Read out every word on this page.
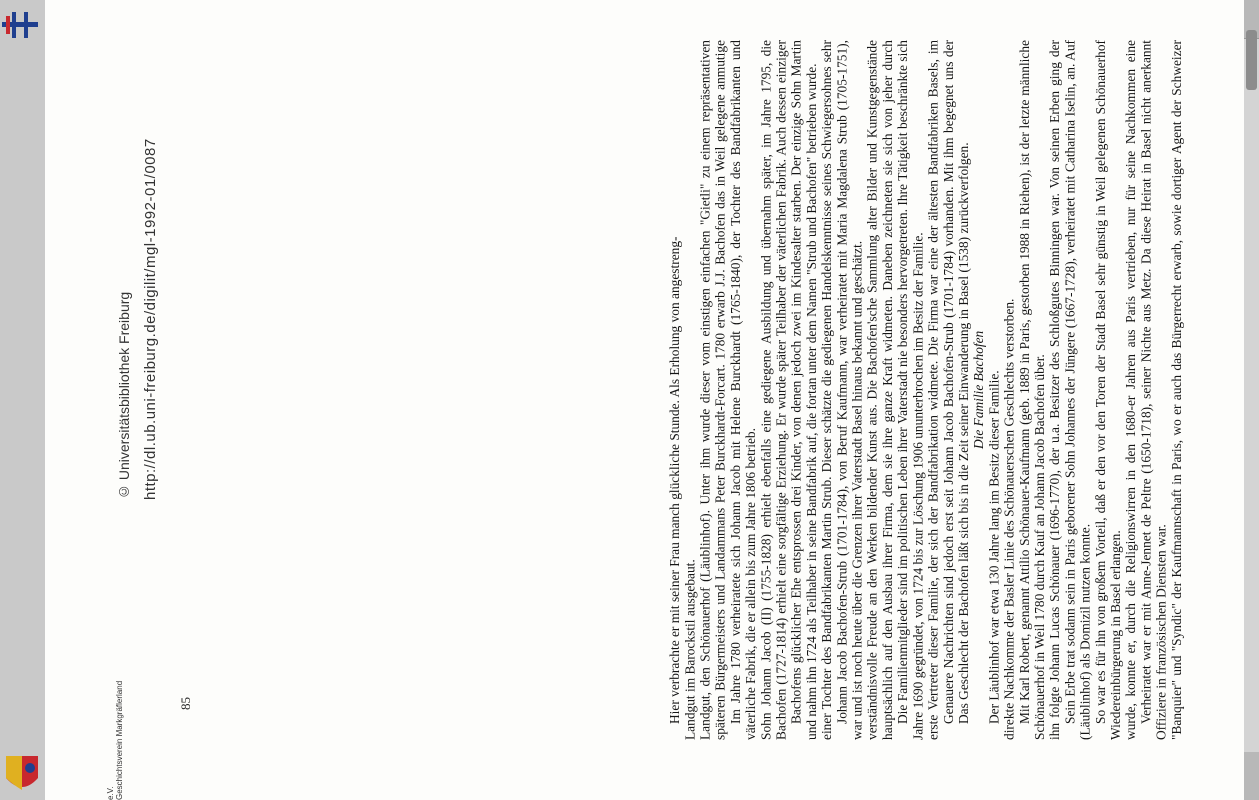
"Banquier" und "Syndic" der Kaufmannschaft in Paris, wo er auch das Bürgerrecht erwarb, sowie dortiger Agent der Schweizer Offiziere in französischen Diensten war.

Verheiratet war er mit Anne-Jennet de Peltre (1650-1718), seiner Nichte aus Metz. Da diese Heirat in Basel nicht anerkannt wurde, konnte er, durch die Religionswirren in den 1680-er Jahren aus Paris vertrieben, nur für seine Nachkommen eine Wiedereinbürgerung in Basel erlangen.

So war es für ihn von großem Vorteil, daß er den vor den Toren der Stadt Basel sehr günstig in Weil gelegenen Schönauerhof (Läublinhof) als Domizil nutzen konnte.

Sein Erbe trat sodann sein in Paris geborener Sohn Johannes der Jüngere (1667-1728), verheiratet mit Catharina Iselin, an. Auf ihn folgte Johann Lucas Schönauer (1696-1770), der u.a. Besitzer des Schloßgutes Binningen war. Von seinen Erben ging der Schönauerhof in Weil 1780 durch Kauf an Johann Jacob Bachofen über.

Mit Karl Robert, genannt Attilio Schönauer-Kaufmann (geb. 1889 in Paris, gestorben 1988 in Riehen), ist der letzte männliche direkte Nachkomme der Basler Linie des Schönauerschen Geschlechts verstorben.

Der Läublinhof war etwa 130 Jahre lang im Besitz dieser Familie.

Die Familie Bachofen

Das Geschlecht der Bachofen läßt sich bis in die Zeit seiner Einwanderung in Basel (1538) zurückverfolgen.

Genauere Nachrichten sind jedoch erst seit Johann Jacob Bachofen-Strub (1701-1784) vorhanden. Mit ihm begegnet uns der erste Vertreter dieser Familie, der sich der Bandfabrikation widmete. Die Firma war eine der ältesten Bandfabriken Basels, im Jahre 1690 gegründet, von 1724 bis zur Löschung 1906 ununterbrochen im Besitz der Familie.

Die Familienmitglieder sind im politischen Leben ihrer Vaterstadt nie besonders hervorgetreten. Ihre Tätigkeit beschränkte sich hauptsächlich auf den Ausbau ihrer Firma, dem sie ihre ganze Kraft widmeten. Daneben zeichneten sie sich von jeher durch verständnisvolle Freude an den Werken bildender Kunst aus. Die Bachofen'sche Sammlung alter Bilder und Kunstgegenstände war und ist noch heute über die Grenzen ihrer Vaterstadt Basel hinaus bekannt und geschätzt.

Johann Jacob Bachofen-Strub (1701-1784), von Beruf Kaufmann, war verheiratet mit Maria Magdalena Strub (1705-1751), einer Tochter des Bandfabrikanten Martin Strub. Dieser schätzte die gediegenen Handelskenntnisse seines Schwiegersohnes sehr und nahm ihn 1724 als Teilhaber in seine Bandfabrik auf, die fortan unter dem Namen "Strub und Bachofen" betrieben wurde.

Bachofens glücklicher Ehe entsprossen drei Kinder, von denen jedoch zwei im Kindesalter starben. Der einzige Sohn Martin Bachofen (1727-1814) erhielt eine sorgfältige Erziehung. Er wurde später Teilhaber der väterlichen Fabrik. Auch dessen einziger Sohn Johann Jacob (II) (1755-1828) erhielt ebenfalls eine gediegene Ausbildung und übernahm später, im Jahre 1795, die väterliche Fabrik, die er allein bis zum Jahre 1806 betrieb.

Im Jahre 1780 verheiratete sich Johann Jacob mit Helene Burckhardt (1765-1840), der Tochter des Bandfabrikanten und späteren Bürgermeisters und Landammans Peter Burckhardt-Forcart. 1780 erwarb J.J. Bachofen das in Weil gelegene anmutige Landgut, den Schönauerhof (Läublinhof). Unter ihm wurde dieser vom einstigen einfachen "Gietli" zu einem repräsentativen Landgut im Barockstil ausgebaut.

Hier verbrachte er mit seiner Frau manch glückliche Stunde. Als Erholung von angestreng-

85
http://dl.ub.uni-freiburg.de/digilit/mgl-1992-01/0087
© Universitätsbibliothek Freiburg
Geschichtsverein Markgräflerland e.V.
